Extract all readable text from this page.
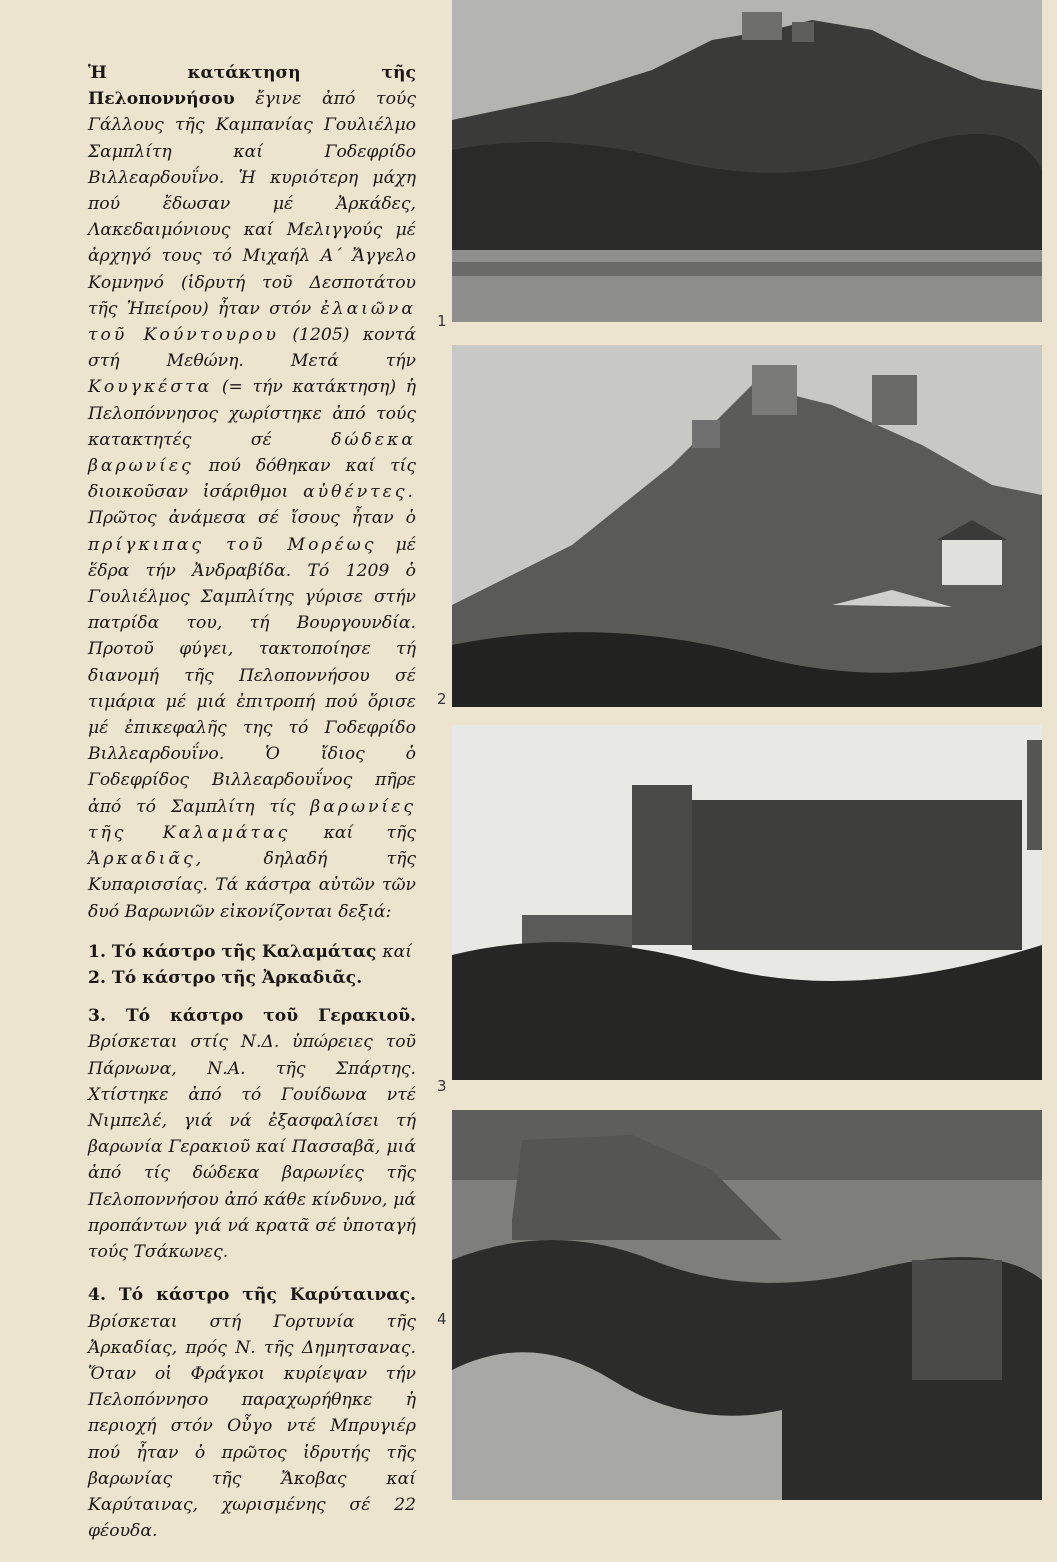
Ἡ κατάκτηση τῆς Πελοποννήσου ἔγινε ἀπό τούς Γάλλους τῆς Καμπανίας Γουλιέλμο Σαμπλίτη καί Γοδεφρίδο Βιλλεαρδουΐνο. Ἡ κυριότερη μάχη πού ἔδωσαν μέ Ἀρκάδες, Λακεδαιμόνιους καί Μελιγγούς μέ ἀρχηγό τους τό Μιχαήλ Α΄ Ἄγγελο Κομνηνό (ἱδρυτή τοῦ Δεσποτάτου τῆς Ἠπείρου) ἦταν στόν ἐλαιῶνα τοῦ Κούντουρου (1205) κοντά στή Μεθώνη. Μετά τήν Κουγκέστα (= τήν κατάκτηση) ἡ Πελοπόννησος χωρίστηκε ἀπό τούς κατακτητές σέ	δώδεκα βαρωνίες πού δόθηκαν καί τίς διοικοῦσαν ἰσάριθμοι αὐθέντες. Πρῶτος ἀνάμεσα σέ ἴσους ἦταν ὁ πρίγκιπας τοῦ Μορέως μέ ἕδρα τήν Ἀνδραβίδα. Τό 1209 ὁ Γουλιέλμος Σαμπλίτης γύρισε στήν πατρίδα του, τή Βουργουνδία. Προτοῦ φύγει, τακτοποίησε τή διανομή τῆς Πελοποννήσου σέ τιμάρια μέ μιά ἐπιτροπή πού ὅρισε μέ ἐπικεφαλῆς της τό Γοδεφρίδο Βιλλεαρδουΐνο. Ὁ ἴδιος ὁ Γοδεφρίδος Βιλλεαρδουΐνος πῆρε ἀπό τό Σαμπλίτη τίς βαρωνίες τῆς Καλαμάτας καί τῆς Ἀρκαδιᾶς,	δηλαδή τῆς Κυπαρισσίας. Τά κάστρα αὐτῶν τῶν δυό Βαρωνιῶν εἰκονίζονται δεξιά:

1. Τό κάστρο τῆς Καλαμάτας καί
2. Τό κάστρο τῆς Ἀρκαδιᾶς.

3. Τό κάστρο τοῦ Γερακιοῦ. Βρίσκεται στίς Ν.Δ. ὑπώρειες τοῦ Πάρνωνα, Ν.Α. τῆς Σπάρτης. Χτίστηκε ἀπό τό Γουίδωνα ντέ Νιμπελέ, γιά νά ἐξασφαλίσει τή βαρωνία Γερακιοῦ καί Πασσαβᾶ, μιά ἀπό τίς δώδεκα βαρωνίες τῆς Πελοποννήσου ἀπό κάθε κίνδυνο, μά προπάντων γιά νά κρατᾶ σέ ὑποταγή τούς Τσάκωνες.

4. Τό κάστρο τῆς Καρύταινας. Βρίσκεται στή Γορτυνία τῆς Ἀρκαδίας, πρός Ν. τῆς Δημητσανας. Ὅταν οἱ Φράγκοι κυρίεψαν τήν Πελοπόννησο παραχωρήθηκε ἡ περιοχή στόν Οὖγο ντέ Μπρυγιέρ πού ἦταν ὁ πρῶτος ἱδρυτής τῆς βαρωνίας τῆς Ἄκοβας καί Καρύταινας, χωρισμένης σέ 22 φέουδα.

1
2
3
4
